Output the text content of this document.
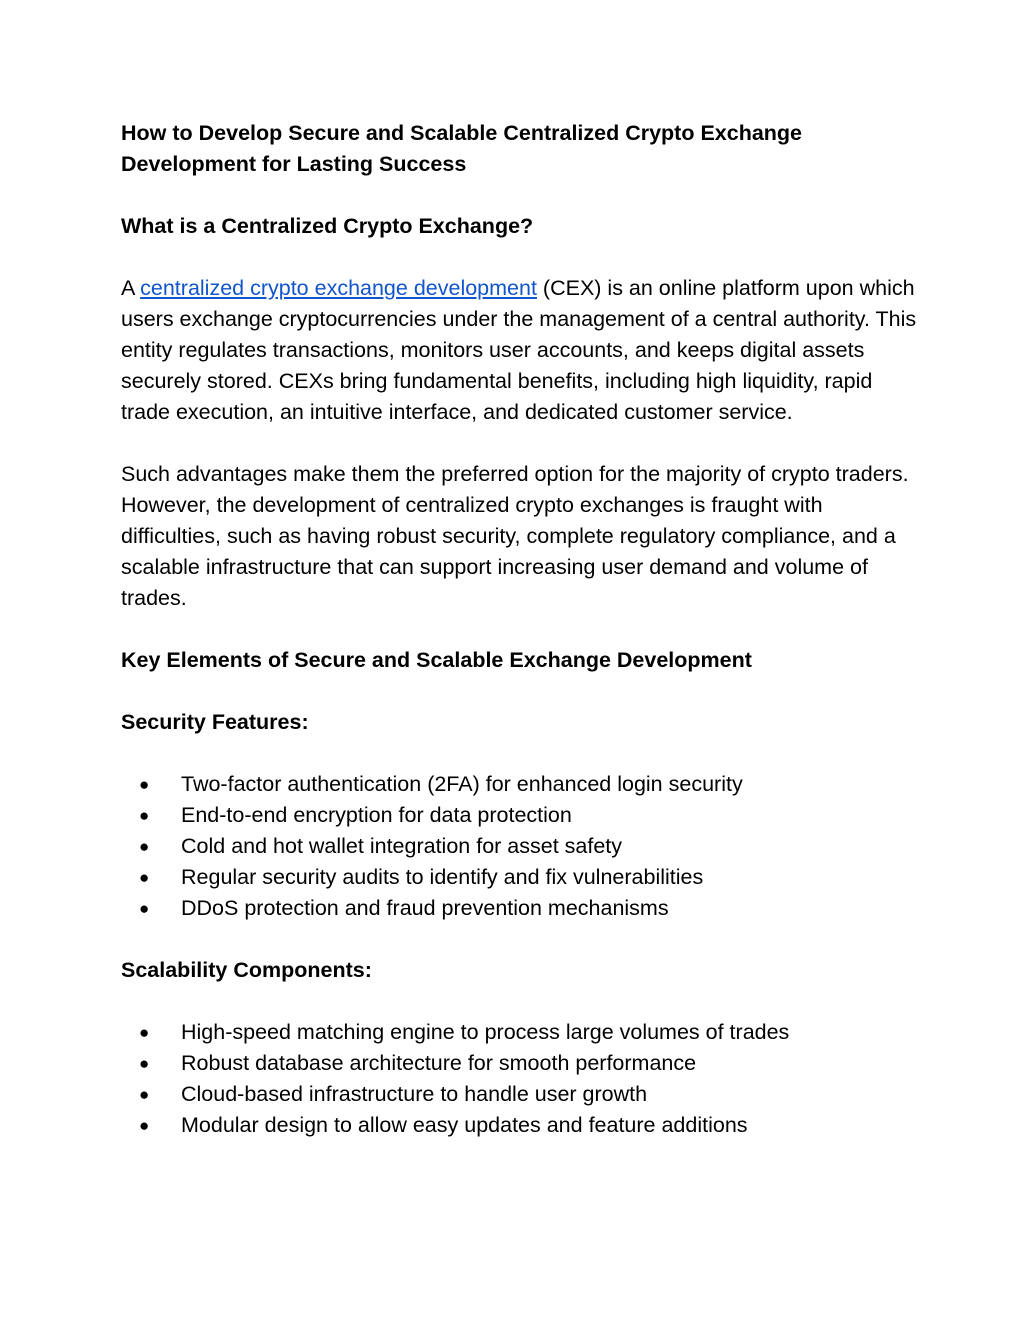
How to Develop Secure and Scalable Centralized Crypto Exchange Development for Lasting Success

What is a Centralized Crypto Exchange?

A centralized crypto exchange development (CEX) is an online platform upon which users exchange cryptocurrencies under the management of a central authority. This entity regulates transactions, monitors user accounts, and keeps digital assets securely stored. CEXs bring fundamental benefits, including high liquidity, rapid trade execution, an intuitive interface, and dedicated customer service.

Such advantages make them the preferred option for the majority of crypto traders. However, the development of centralized crypto exchanges is fraught with difficulties, such as having robust security, complete regulatory compliance, and a scalable infrastructure that can support increasing user demand and volume of trades.

Key Elements of Secure and Scalable Exchange Development

Security Features:

● Two-factor authentication (2FA) for enhanced login security
● End-to-end encryption for data protection
● Cold and hot wallet integration for asset safety
● Regular security audits to identify and fix vulnerabilities
● DDoS protection and fraud prevention mechanisms

Scalability Components:

● High-speed matching engine to process large volumes of trades
● Robust database architecture for smooth performance
● Cloud-based infrastructure to handle user growth
● Modular design to allow easy updates and feature additions
